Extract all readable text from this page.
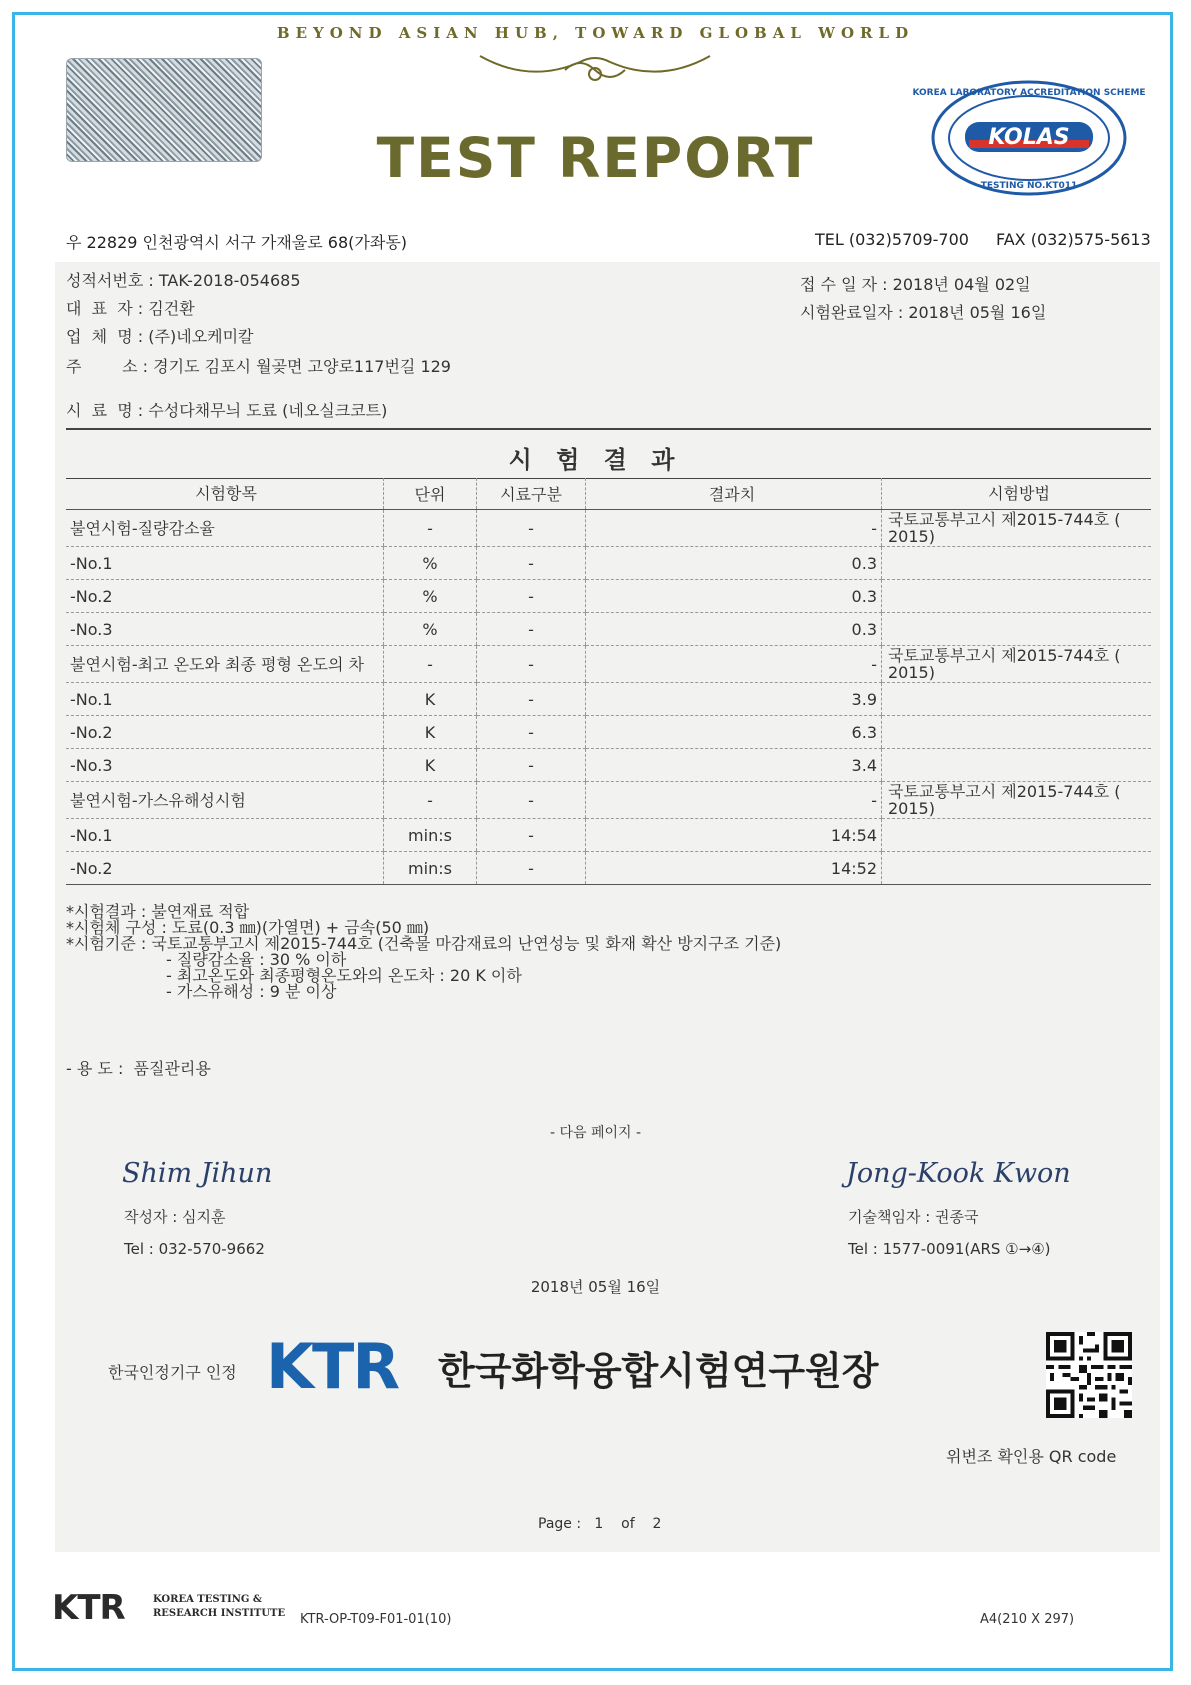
BEYOND ASIAN HUB, TOWARD GLOBAL WORLD
TEST REPORT	KOLAS
KOREA LABORATORY ACCREDITATION SCHEME
TESTING NO.KT011
우 22829 인천광역시 서구 가재울로 68(가좌동)	TEL (032)5709-700 FAX (032)575-5613
성적서번호 : TAK-2018-054685
대  표  자 : 김건환
업  체  명 : (주)네오케미칼
주        소 : 경기도 김포시 월곶면 고양로117번길 129
시  료  명 : 수성다채무늬 도료 (네오실크코트)
접 수 일 자 : 2018년 04월 02일
시험완료일자 : 2018년 05월 16일
시 험 결 과
시험항목	단위	시료구분	결과치	시험방법
불연시험-질량감소율	-	-	-	국토교통부고시 제2015-744호 ( 2015)
-No.1	%	-	0.3	
-No.2	%	-	0.3	
-No.3	%	-	0.3	
불연시험-최고 온도와 최종 평형 온도의 차	-	-	-	국토교통부고시 제2015-744호 ( 2015)
-No.1	K	-	3.9	
-No.2	K	-	6.3	
-No.3	K	-	3.4	
불연시험-가스유해성시험	-	-	-	국토교통부고시 제2015-744호 ( 2015)
-No.1	min:s	-	14:54	
-No.2	min:s	-	14:52	
*시험결과 : 불연재료 적합
*시험체 구성 : 도료(0.3 ㎜)(가열면) + 금속(50 ㎜)
*시험기준 : 국토교통부고시 제2015-744호 (건축물 마감재료의 난연성능 및 화재 확산 방지구조 기준)
- 질량감소율 : 30 % 이하
- 최고온도와 최종평형온도와의 온도차 : 20 K 이하
- 가스유해성 : 9 분 이상
- 용 도 : 품질관리용
- 다음 페이지 -
Shim Jihun
작성자 : 심지훈
Tel : 032-570-9662
Jong-Kook Kwon
기술책임자 : 권종국
Tel : 1577-0091(ARS ①→④)
2018년 05월 16일
한국인정기구 인정 KTR 한국화학융합시험연구원장
위변조 확인용 QR code
Page : 1 of 2
KTR	KOREA TESTING &
RESEARCH INSTITUTE KTR-OP-T09-F01-01(10)	A4(210 X 297)
